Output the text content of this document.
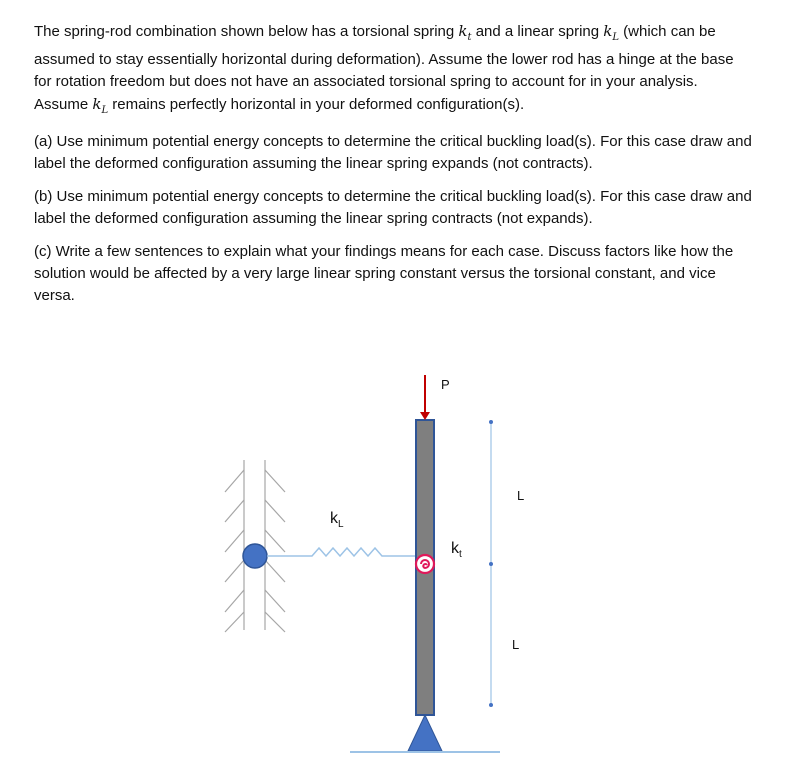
The spring-rod combination shown below has a torsional spring $k_t$ and a linear spring $k_L$ (which can be assumed to stay essentially horizontal during deformation). Assume the lower rod has a hinge at the base for rotation freedom but does not have an associated torsional spring to account for in your analysis. Assume $k_L$ remains perfectly horizontal in your deformed configuration(s).

(a) Use minimum potential energy concepts to determine the critical buckling load(s). For this case draw and label the deformed configuration assuming the linear spring expands (not contracts).

(b) Use minimum potential energy concepts to determine the critical buckling load(s). For this case draw and label the deformed configuration assuming the linear spring contracts (not expands).

(c) Write a few sentences to explain what your findings means for each case. Discuss factors like how the solution would be affected by a very large linear spring constant versus the torsional constant, and vice versa.

P
$k_L$
$k_t$
L
L
